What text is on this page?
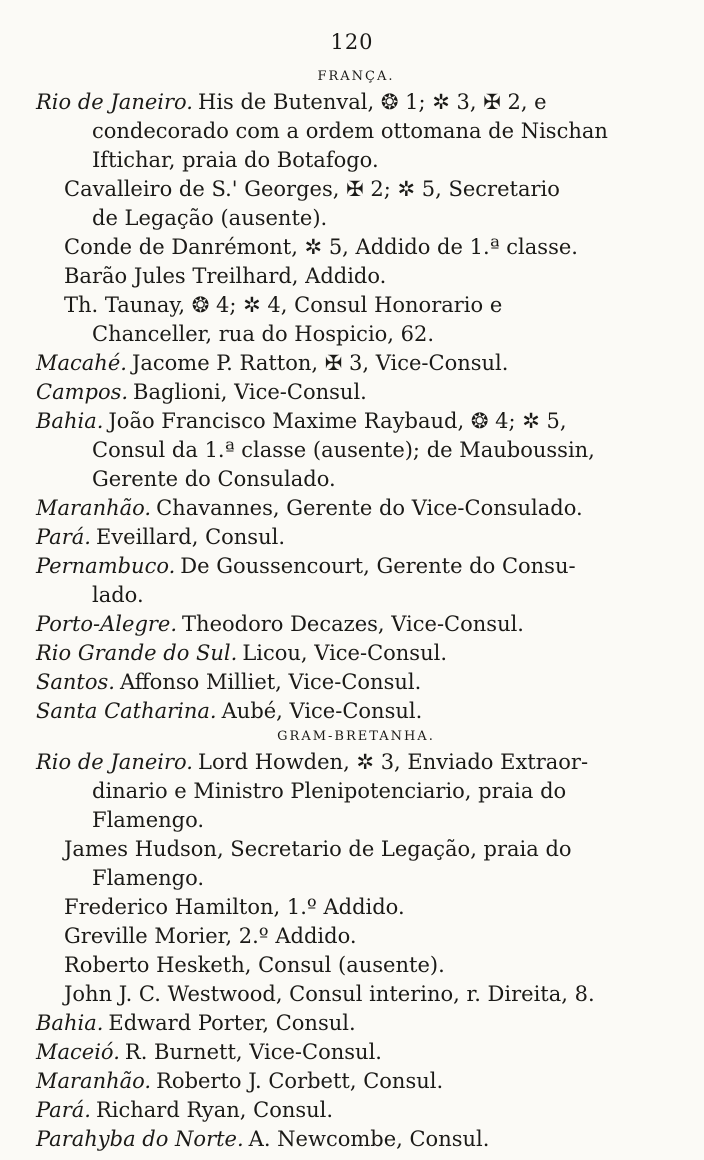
120
FRANÇA.
Rio de Janeiro. His de Butenval, ❂ 1; ✲ 3, ✠ 2, e
condecorado com a ordem ottomana de Nischan
Iftichar, praia do Botafogo.
Cavalleiro de S.' Georges, ✠ 2; ✲ 5, Secretario
de Legação (ausente).
Conde de Danrémont, ✲ 5, Addido de 1.ª classe.
Barão Jules Treilhard, Addido.
Th. Taunay, ❂ 4; ✲ 4, Consul Honorario e
Chanceller, rua do Hospicio, 62.
Macahé. Jacome P. Ratton, ✠ 3, Vice-Consul.
Campos. Baglioni, Vice-Consul.
Bahia. João Francisco Maxime Raybaud, ❂ 4; ✲ 5,
Consul da 1.ª classe (ausente); de Mauboussin,
Gerente do Consulado.
Maranhão. Chavannes, Gerente do Vice-Consulado.
Pará. Eveillard, Consul.
Pernambuco. De Goussencourt, Gerente do Consu-
lado.
Porto-Alegre. Theodoro Decazes, Vice-Consul.
Rio Grande do Sul. Licou, Vice-Consul.
Santos. Affonso Milliet, Vice-Consul.
Santa Catharina. Aubé, Vice-Consul.
GRAM-BRETANHA.
Rio de Janeiro. Lord Howden, ✲ 3, Enviado Extraor-
dinario e Ministro Plenipotenciario, praia do
Flamengo.
James Hudson, Secretario de Legação, praia do
Flamengo.
Frederico Hamilton, 1.º Addido.
Greville Morier, 2.º Addido.
Roberto Hesketh, Consul (ausente).
John J. C. Westwood, Consul interino, r. Direita, 8.
Bahia. Edward Porter, Consul.
Maceió. R. Burnett, Vice-Consul.
Maranhão. Roberto J. Corbett, Consul.
Pará. Richard Ryan, Consul.
Parahyba do Norte. A. Newcombe, Consul.
